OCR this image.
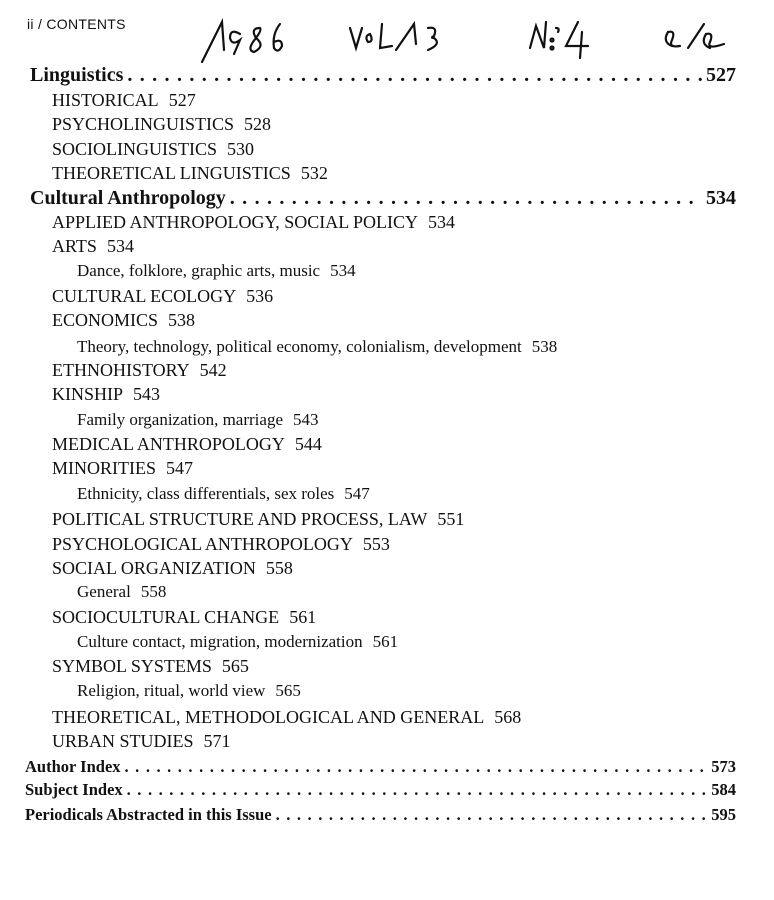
ii / CONTENTS
Linguistics . . .	527
HISTORICAL 527
PSYCHOLINGUISTICS 528
SOCIOLINGUISTICS 530
THEORETICAL LINGUISTICS 532
Cultural Anthropology . . .	534
APPLIED ANTHROPOLOGY, SOCIAL POLICY 534
ARTS 534
Dance, folklore, graphic arts, music 534
CULTURAL ECOLOGY 536
ECONOMICS 538
Theory, technology, political economy, colonialism, development 538
ETHNOHISTORY 542
KINSHIP 543
Family organization, marriage 543
MEDICAL ANTHROPOLOGY 544
MINORITIES 547
Ethnicity, class differentials, sex roles 547
POLITICAL STRUCTURE AND PROCESS, LAW 551
PSYCHOLOGICAL ANTHROPOLOGY 553
SOCIAL ORGANIZATION 558
General 558
SOCIOCULTURAL CHANGE 561
Culture contact, migration, modernization 561
SYMBOL SYSTEMS 565
Religion, ritual, world view 565
THEORETICAL, METHODOLOGICAL AND GENERAL 568
URBAN STUDIES 571
Author Index . . .	573
Subject Index . . .	584
Periodicals Abstracted in this Issue . . .	595
